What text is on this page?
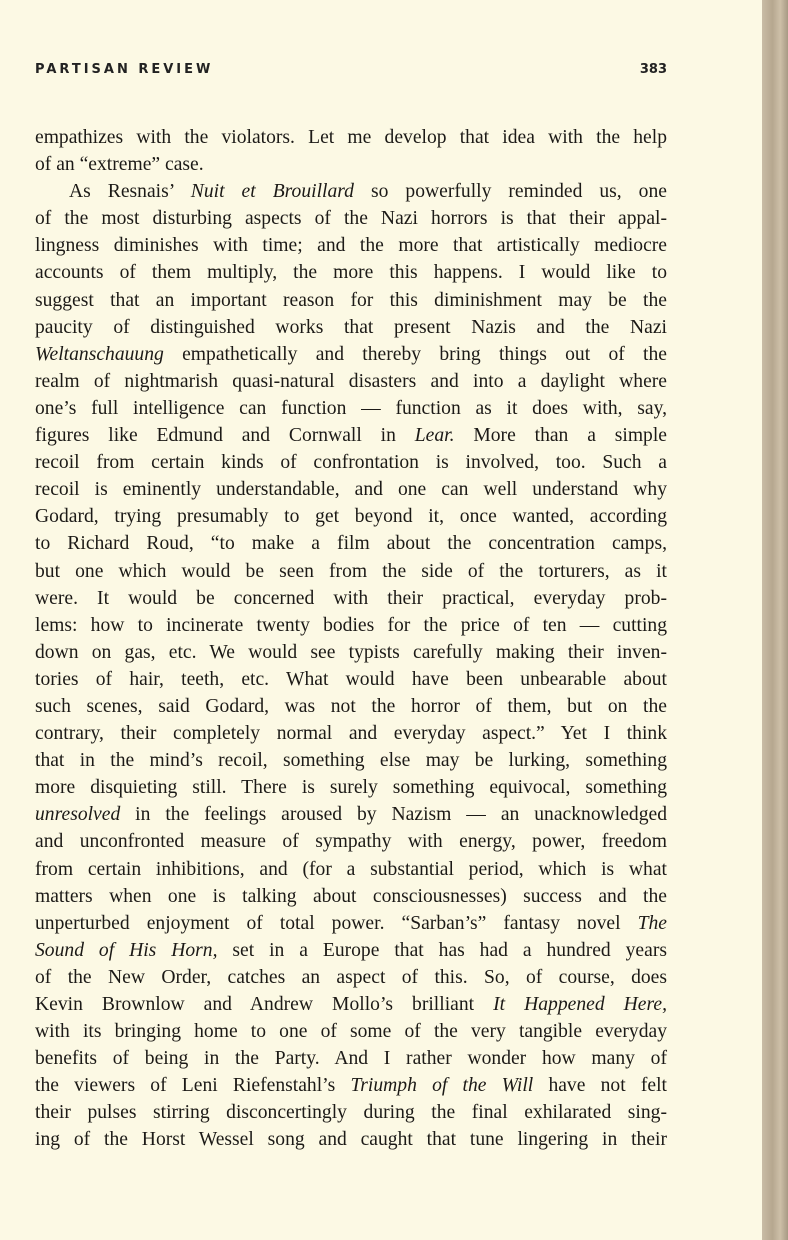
PARTISAN REVIEW	383
empathizes with the violators. Let me develop that idea with the help
of an “extreme” case.
As Resnais’ Nuit et Brouillard so powerfully reminded us, one
of the most disturbing aspects of the Nazi horrors is that their appal-
lingness diminishes with time; and the more that artistically mediocre
accounts of them multiply, the more this happens. I would like to
suggest that an important reason for this diminishment may be the
paucity of distinguished works that present Nazis and the Nazi
Weltanschauung empathetically and thereby bring things out of the
realm of nightmarish quasi-natural disasters and into a daylight where
one’s full intelligence can function — function as it does with, say,
figures like Edmund and Cornwall in Lear. More than a simple
recoil from certain kinds of confrontation is involved, too. Such a
recoil is eminently understandable, and one can well understand why
Godard, trying presumably to get beyond it, once wanted, according
to Richard Roud, “to make a film about the concentration camps,
but one which would be seen from the side of the torturers, as it
were. It would be concerned with their practical, everyday prob-
lems: how to incinerate twenty bodies for the price of ten — cutting
down on gas, etc. We would see typists carefully making their inven-
tories of hair, teeth, etc. What would have been unbearable about
such scenes, said Godard, was not the horror of them, but on the
contrary, their completely normal and everyday aspect.” Yet I think
that in the mind’s recoil, something else may be lurking, something
more disquieting still. There is surely something equivocal, something
unresolved in the feelings aroused by Nazism — an unacknowledged
and unconfronted measure of sympathy with energy, power, freedom
from certain inhibitions, and (for a substantial period, which is what
matters when one is talking about consciousnesses) success and the
unperturbed enjoyment of total power. “Sarban’s” fantasy novel The
Sound of His Horn, set in a Europe that has had a hundred years
of the New Order, catches an aspect of this. So, of course, does
Kevin Brownlow and Andrew Mollo’s brilliant It Happened Here,
with its bringing home to one of some of the very tangible everyday
benefits of being in the Party. And I rather wonder how many of
the viewers of Leni Riefenstahl’s Triumph of the Will have not felt
their pulses stirring disconcertingly during the final exhilarated sing-
ing of the Horst Wessel song and caught that tune lingering in their
